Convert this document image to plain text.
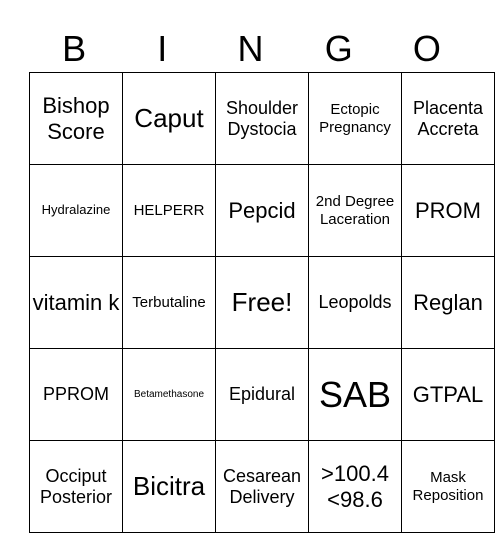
B	I	N	G	O
Bishop Score	Caput	Shoulder Dystocia	Ectopic Pregnancy	Placenta Accreta
Hydralazine	HELPERR	Pepcid	2nd Degree Laceration	PROM
vitamin k	Terbutaline	Free!	Leopolds	Reglan
PPROM	Betamethasone	Epidural	SAB	GTPAL
Occiput Posterior	Bicitra	Cesarean Delivery	>100.4 <98.6	Mask Reposition
